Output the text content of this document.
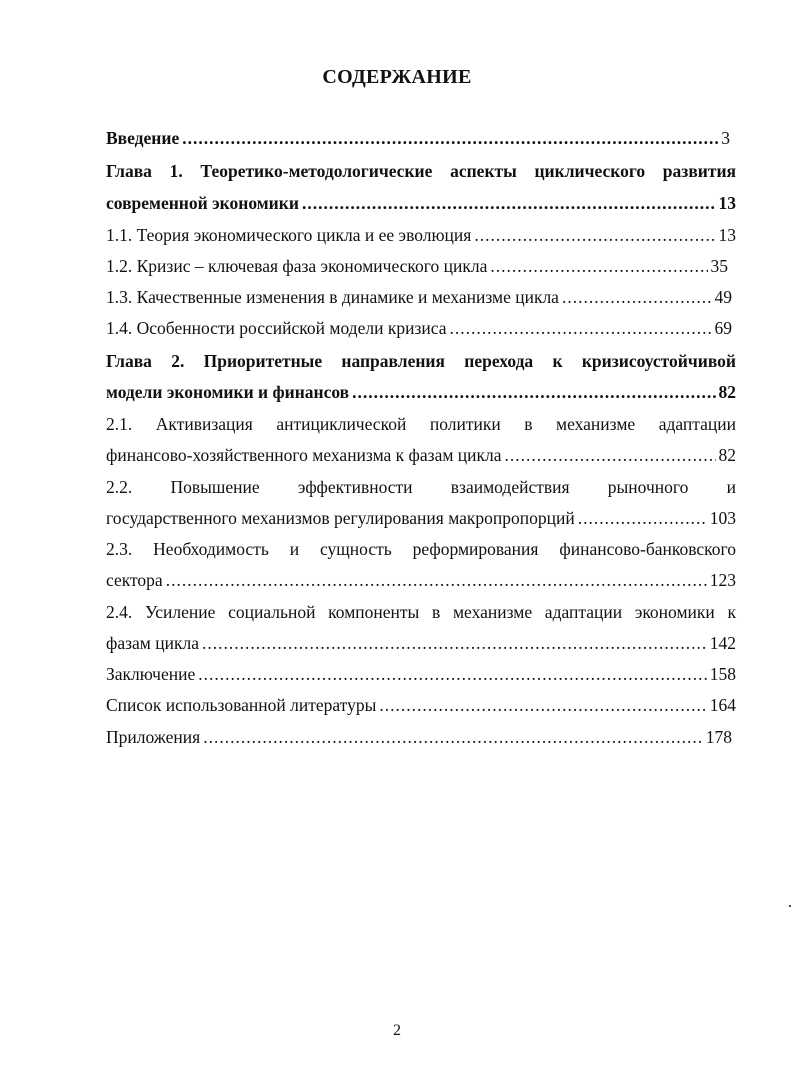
СОДЕРЖАНИЕ
Введение .....	3
Глава 1. Теоретико-методологические аспекты циклического развития
современной экономики .....	13
1.1. Теория экономического цикла и ее эволюция .....	13
1.2. Кризис – ключевая фаза экономического цикла .....	35
1.3. Качественные изменения в динамике и механизме цикла .....	49
1.4. Особенности российской модели кризиса .....	69
Глава 2. Приоритетные направления перехода к кризисоустойчивой
модели экономики и финансов .....	82
2.1. Активизация антициклической политики в механизме адаптации
финансово-хозяйственного механизма к фазам цикла .....	82
2.2. Повышение эффективности взаимодействия рыночного и
государственного механизмов регулирования макропропорций .....	103
2.3. Необходимость и сущность реформирования финансово-банковского
сектора .....	123
2.4. Усиление социальной компоненты в механизме адаптации экономики к
фазам цикла .....	142
Заключение .....	158
Список использованной литературы .....	164
Приложения .....	178
2
